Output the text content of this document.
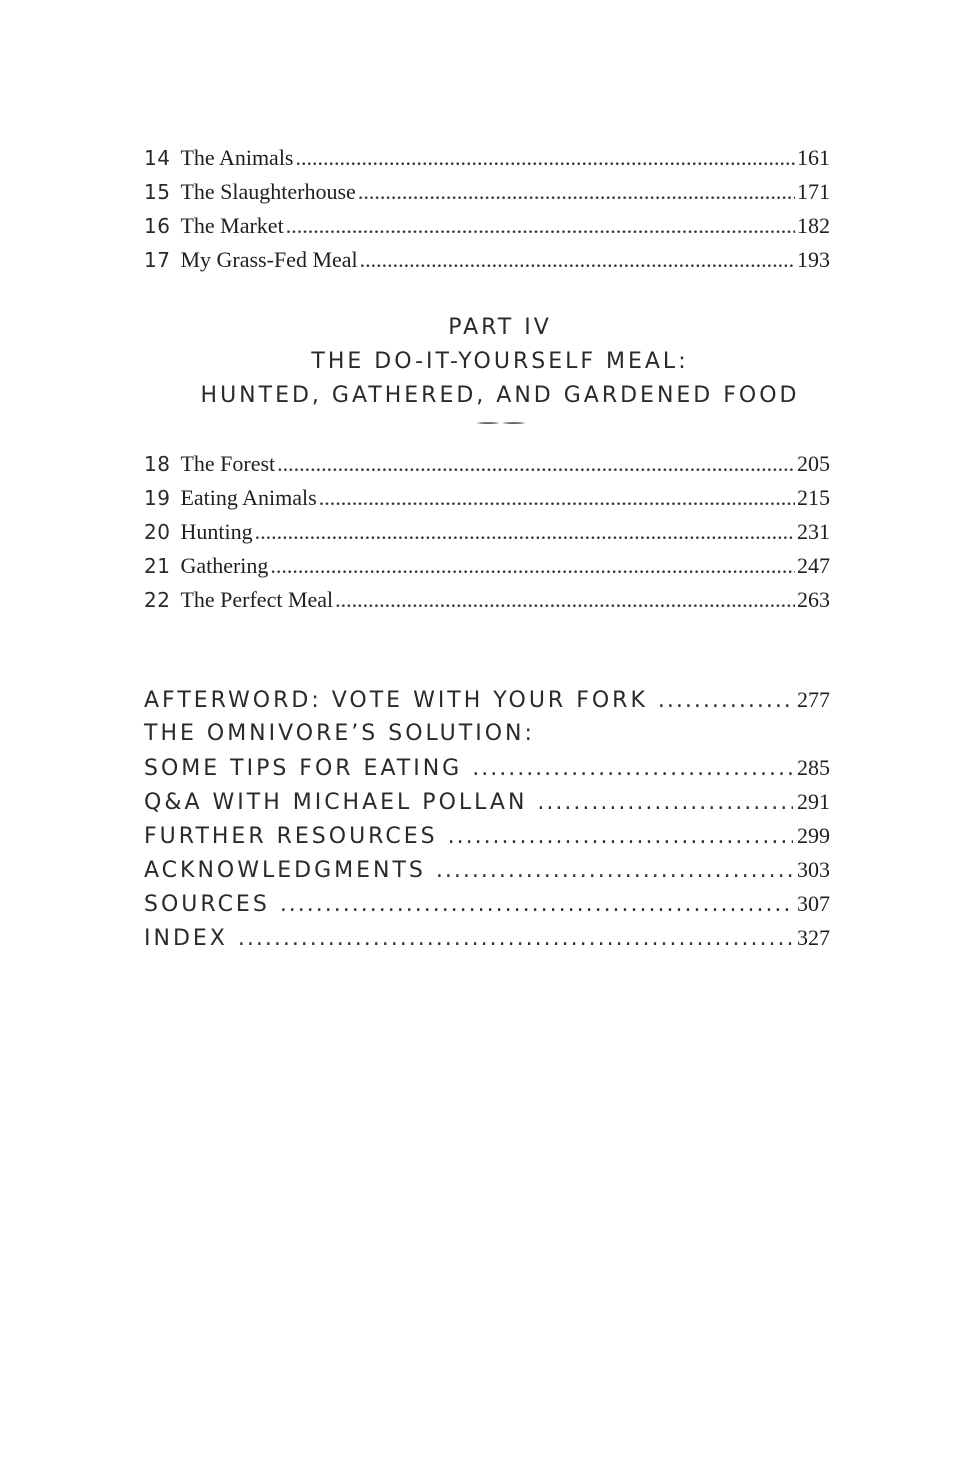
14 The Animals .....	161
15 The Slaughterhouse .....	171
16 The Market .....	182
17 My Grass-Fed Meal .....	193
PART IV
THE DO-IT-YOURSELF MEAL:
HUNTED, GATHERED, AND GARDENED FOOD
18 The Forest .....	205
19 Eating Animals .....	215
20 Hunting .....	231
21 Gathering .....	247
22 The Perfect Meal .....	263
AFTERWORD: VOTE WITH YOUR FORK .....	277
THE OMNIVORE’S SOLUTION:
SOME TIPS FOR EATING .....	285
Q&A WITH MICHAEL POLLAN .....	291
FURTHER RESOURCES .....	299
ACKNOWLEDGMENTS .....	303
SOURCES .....	307
INDEX .....	327
